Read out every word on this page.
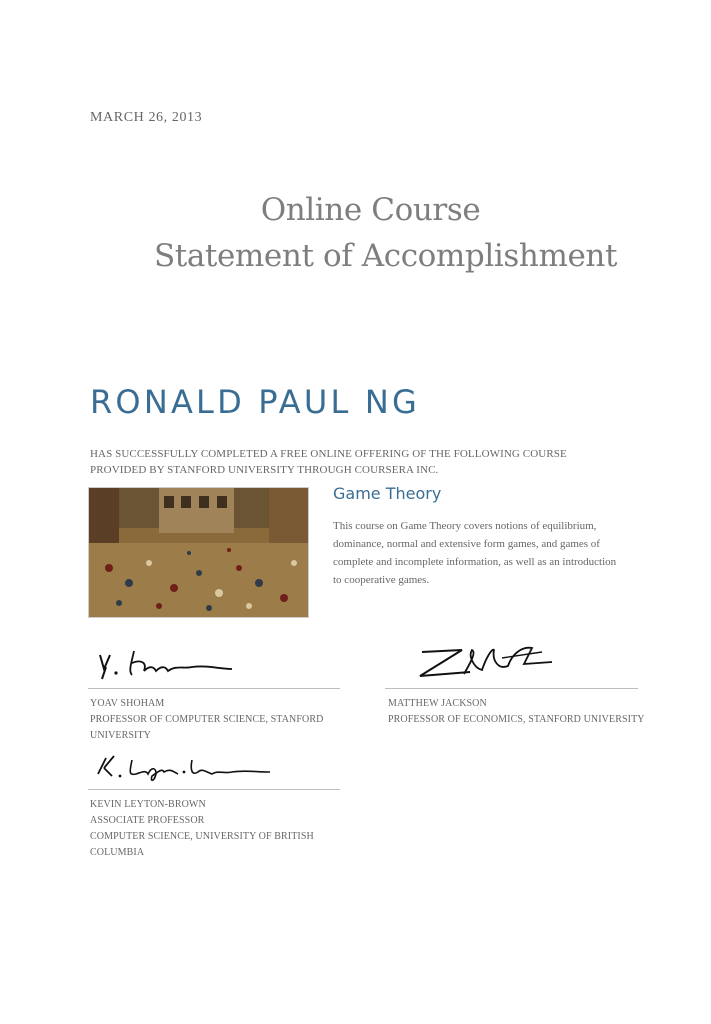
MARCH 26, 2013
Online Course
Statement of Accomplishment
RONALD PAUL NG
HAS SUCCESSFULLY COMPLETED A FREE ONLINE OFFERING OF THE FOLLOWING COURSE
PROVIDED BY STANFORD UNIVERSITY THROUGH COURSERA INC.
Game Theory
This course on Game Theory covers notions of equilibrium,
dominance, normal and extensive form games, and games of
complete and incomplete information, as well as an introduction
to cooperative games.
YOAV SHOHAM
PROFESSOR OF COMPUTER SCIENCE, STANFORD
UNIVERSITY
MATTHEW JACKSON
PROFESSOR OF ECONOMICS, STANFORD UNIVERSITY
KEVIN LEYTON-BROWN
ASSOCIATE PROFESSOR
COMPUTER SCIENCE, UNIVERSITY OF BRITISH
COLUMBIA
